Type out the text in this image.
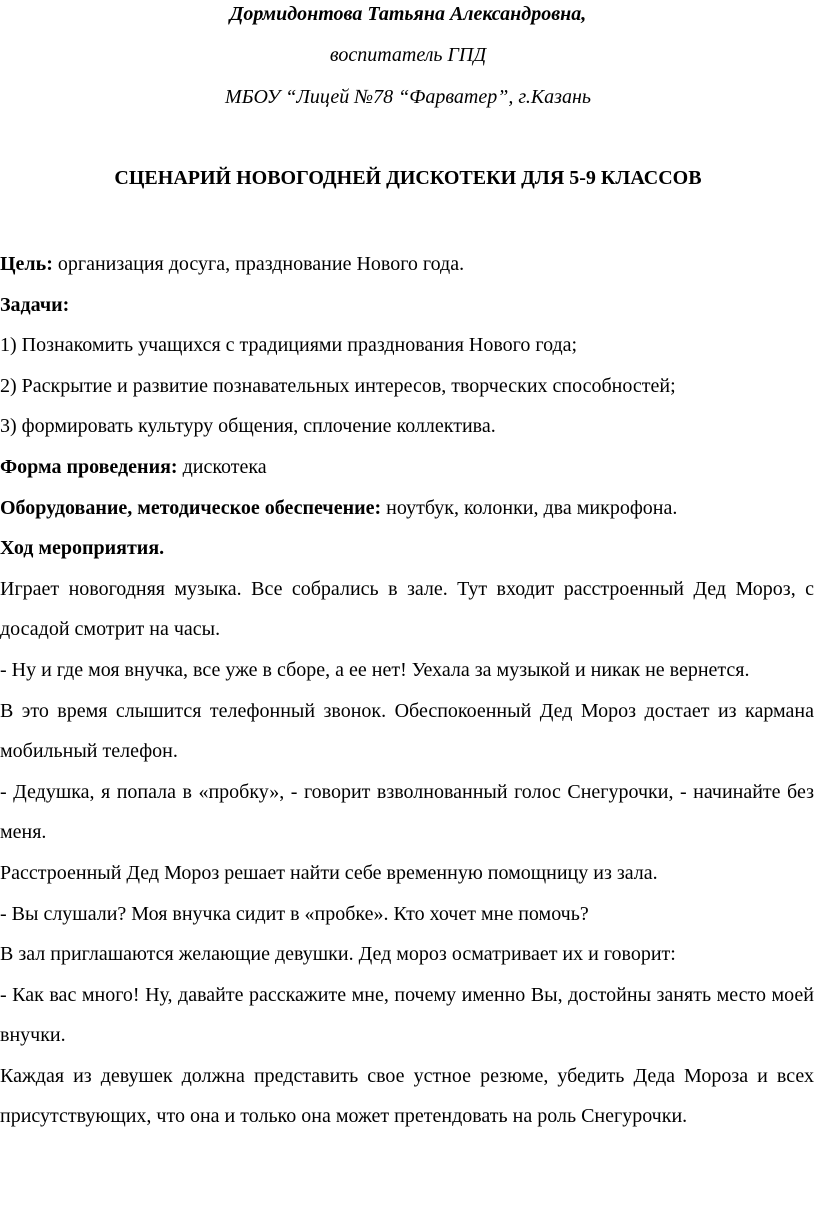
Дормидонтова Татьяна Александровна,
воспитатель ГПД
МБОУ “Лицей №78 “Фарватер”, г.Казань
СЦЕНАРИЙ НОВОГОДНЕЙ ДИСКОТЕКИ ДЛЯ 5-9 КЛАССОВ

Цель: организация досуга, празднование Нового года.

Задачи:

1) Познакомить учащихся с традициями празднования Нового года;

2) Раскрытие и развитие познавательных интересов, творческих способностей;

3) формировать культуру общения, сплочение коллектива.

Форма проведения: дискотека

Оборудование, методическое обеспечение: ноутбук, колонки, два микрофона.

Ход мероприятия.

Играет новогодняя музыка. Все собрались в зале. Тут входит расстроенный Дед Мороз, с досадой смотрит на часы.

- Ну и где моя внучка, все уже в сборе, а ее нет! Уехала за музыкой и никак не вернется.

В это время слышится телефонный звонок. Обеспокоенный Дед Мороз достает из кармана мобильный телефон.

- Дедушка, я попала в «пробку», - говорит взволнованный голос Снегурочки, - начинайте без меня.

Расстроенный Дед Мороз решает найти себе временную помощницу из зала.

- Вы слушали? Моя внучка сидит в «пробке». Кто хочет мне помочь?

В зал приглашаются желающие девушки. Дед мороз осматривает их и говорит:

- Как вас много! Ну, давайте расскажите мне, почему именно Вы, достойны занять место моей внучки.

Каждая из девушек должна представить свое устное резюме, убедить Деда Мороза и всех присутствующих, что она и только она может претендовать на роль Снегурочки.
